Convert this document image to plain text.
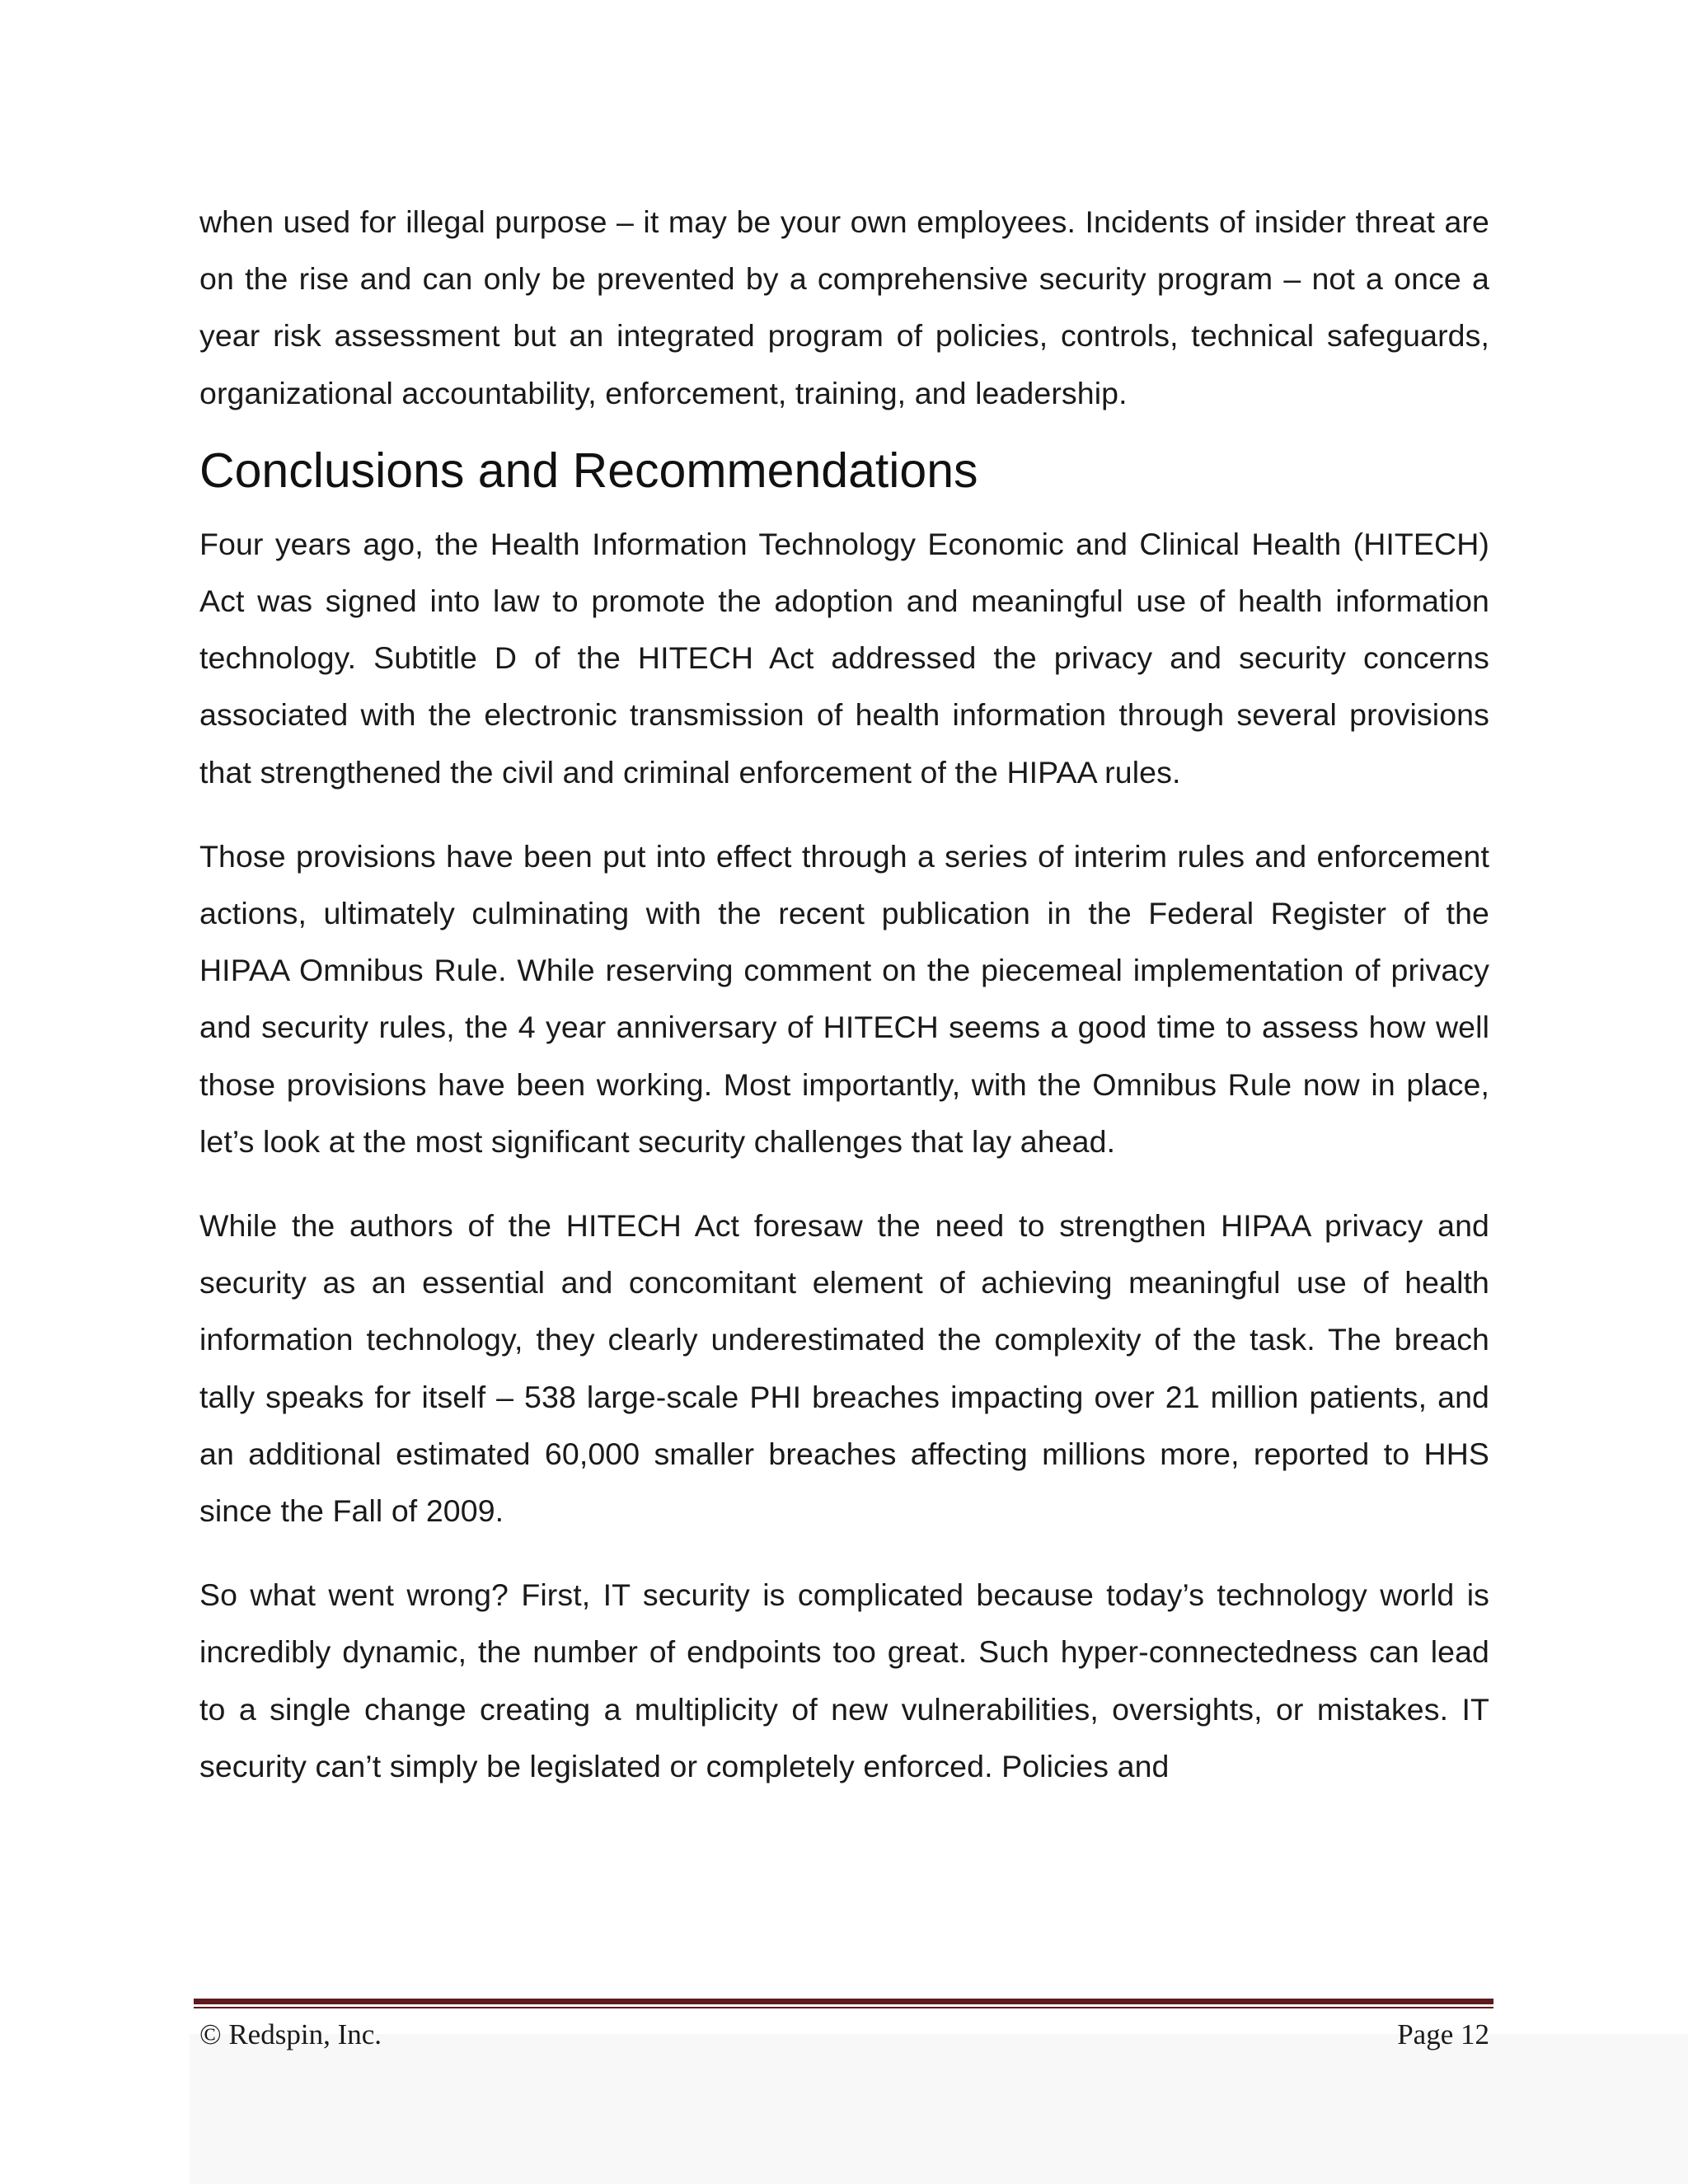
when used for illegal purpose – it may be your own employees. Incidents of insider threat are on the rise and can only be prevented by a comprehensive security program – not a once a year risk assessment but an integrated program of policies, controls, technical safeguards, organizational accountability, enforcement, training, and leadership.

Conclusions and Recommendations

Four years ago, the Health Information Technology Economic and Clinical Health (HITECH) Act was signed into law to promote the adoption and meaningful use of health information technology. Subtitle D of the HITECH Act addressed the privacy and security concerns associated with the electronic transmission of health information through several provisions that strengthened the civil and criminal enforcement of the HIPAA rules.

Those provisions have been put into effect through a series of interim rules and enforcement actions, ultimately culminating with the recent publication in the Federal Register of the HIPAA Omnibus Rule. While reserving comment on the piecemeal implementation of privacy and security rules, the 4 year anniversary of HITECH seems a good time to assess how well those provisions have been working. Most importantly, with the Omnibus Rule now in place, let’s look at the most significant security challenges that lay ahead.

While the authors of the HITECH Act foresaw the need to strengthen HIPAA privacy and security as an essential and concomitant element of achieving meaningful use of health information technology, they clearly underestimated the complexity of the task. The breach tally speaks for itself – 538 large-scale PHI breaches impacting over 21 million patients, and an additional estimated 60,000 smaller breaches affecting millions more, reported to HHS since the Fall of 2009.

So what went wrong? First, IT security is complicated because today’s technology world is incredibly dynamic, the number of endpoints too great. Such hyper-connectedness can lead to a single change creating a multiplicity of new vulnerabilities, oversights, or mistakes. IT security can’t simply be legislated or completely enforced. Policies and

© Redspin, Inc.	Page 12
